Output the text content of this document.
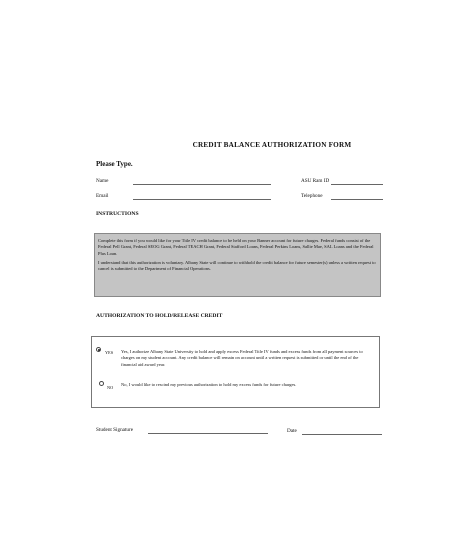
CREDIT BALANCE AUTHORIZATION FORM
Please Type.
Name	ASU Ram ID
Email	Telephone
INSTRUCTIONS

Complete this form if you would like for your Title IV credit balance to be held on your Banner account for future charges. Federal funds consist of the Federal Pell Grant, Federal SEOG Grant, Federal TEACH Grant, Federal Stafford Loans, Federal Perkins Loans, Sallie Mae, SAL Loans and the Federal Plus Loan.

I understand that this authorization is voluntary. Albany State will continue to withhold the credit balance for future semester(s) unless a written request to cancel is submitted to the Department of Financial Operations.

AUTHORIZATION TO HOLD/RELEASE CREDIT
YES Yes, I authorize Albany State University to hold and apply excess Federal Title IV funds and excess funds from all payment sources to charges on my student account. Any credit balance will remain on account until a written request is submitted or until the end of the financial aid award year.
NO
No, I would like to rescind my previous authorization to hold my excess funds for future charges.
Student Signature	Date
